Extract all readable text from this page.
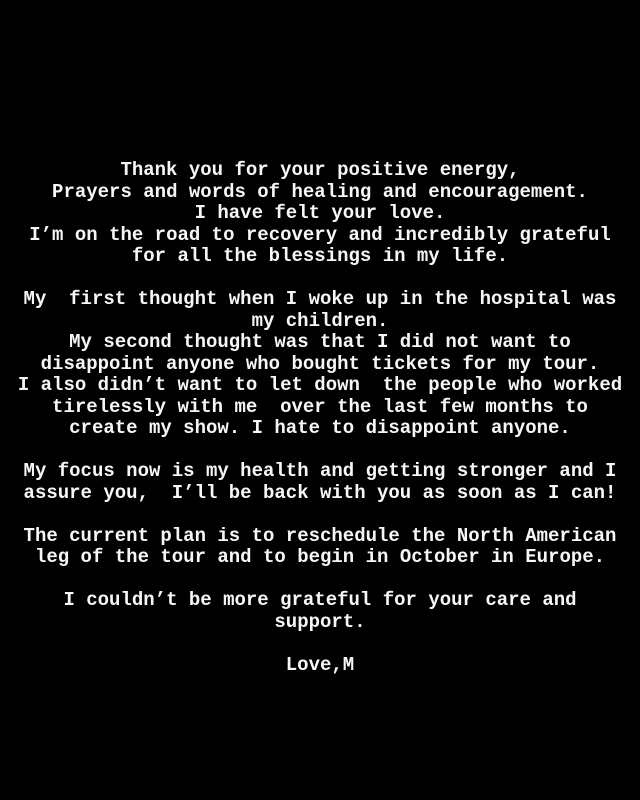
Thank you for your positive energy,
Prayers and words of healing and encouragement.
I have felt your love.
I’m on the road to recovery and incredibly grateful
for all the blessings in my life.
My  first thought when I woke up in the hospital was
my children.
My second thought was that I did not want to
disappoint anyone who bought tickets for my tour.
I also didn’t want to let down  the people who worked
tirelessly with me  over the last few months to
create my show. I hate to disappoint anyone.
My focus now is my health and getting stronger and I
assure you,  I’ll be back with you as soon as I can!
The current plan is to reschedule the North American
leg of the tour and to begin in October in Europe.
I couldn’t be more grateful for your care and
support.
Love,M
